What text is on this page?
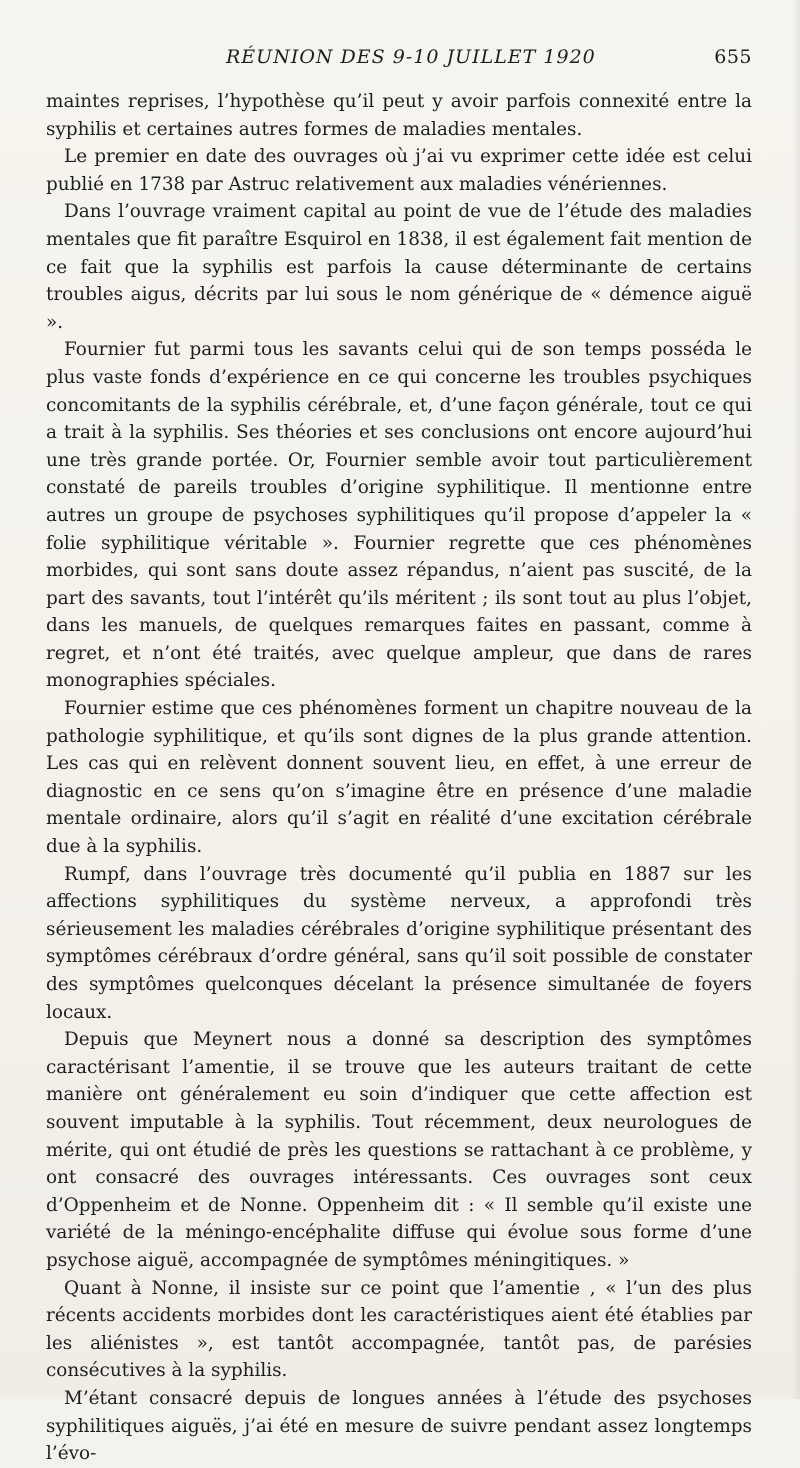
RÉUNION DES 9-10 JUILLET 1920	655

maintes reprises, l’hypothèse qu’il peut y avoir parfois connexité entre la syphilis et certaines autres formes de maladies mentales.

Le premier en date des ouvrages où j’ai vu exprimer cette idée est celui publié en 1738 par Astruc relativement aux maladies vénériennes.

Dans l’ouvrage vraiment capital au point de vue de l’étude des maladies mentales que fit paraître Esquirol en 1838, il est également fait mention de ce fait que la syphilis est parfois la cause déterminante de certains troubles aigus, décrits par lui sous le nom générique de « démence aiguë ».

Fournier fut parmi tous les savants celui qui de son temps posséda le plus vaste fonds d’expérience en ce qui concerne les troubles psychiques concomitants de la syphilis cérébrale, et, d’une façon générale, tout ce qui a trait à la syphilis. Ses théories et ses conclusions ont encore aujourd’hui une très grande portée. Or, Fournier semble avoir tout particulièrement constaté de pareils troubles d’origine syphilitique. Il mentionne entre autres un groupe de psychoses syphilitiques qu’il propose d’appeler la « folie syphilitique véritable ». Fournier regrette que ces phénomènes morbides, qui sont sans doute assez répandus, n’aient pas suscité, de la part des savants, tout l’intérêt qu’ils méritent ; ils sont tout au plus l’objet, dans les manuels, de quelques remarques faites en passant, comme à regret, et n’ont été traités, avec quelque ampleur, que dans de rares monographies spéciales.

Fournier estime que ces phénomènes forment un chapitre nouveau de la pathologie syphilitique, et qu’ils sont dignes de la plus grande attention. Les cas qui en relèvent donnent souvent lieu, en effet, à une erreur de diagnostic en ce sens qu’on s’imagine être en présence d’une maladie mentale ordinaire, alors qu’il s’agit en réalité d’une excitation cérébrale due à la syphilis.

Rumpf, dans l’ouvrage très documenté qu’il publia en 1887 sur les affections syphilitiques du système nerveux, a approfondi très sérieusement les maladies cérébrales d’origine syphilitique présentant des symptômes cérébraux d’ordre général, sans qu’il soit possible de constater des symptômes quelconques décelant la présence simultanée de foyers locaux.

Depuis que Meynert nous a donné sa description des symptômes caractérisant l’amentie, il se trouve que les auteurs traitant de cette manière ont généralement eu soin d’indiquer que cette affection est souvent imputable à la syphilis. Tout récemment, deux neurologues de mérite, qui ont étudié de près les questions se rattachant à ce problème, y ont consacré des ouvrages intéressants. Ces ouvrages sont ceux d’Oppenheim et de Nonne. Oppenheim dit : « Il semble qu’il existe une variété de la méningo-encéphalite diffuse qui évolue sous forme d’une psychose aiguë, accompagnée de symptômes méningitiques. »

Quant à Nonne, il insiste sur ce point que l’amentie , « l’un des plus récents accidents morbides dont les caractéristiques aient été établies par les aliénistes », est tantôt accompagnée, tantôt pas, de parésies consécutives à la syphilis.

M’étant consacré depuis de longues années à l’étude des psychoses syphilitiques aiguës, j’ai été en mesure de suivre pendant assez longtemps l’évo-
